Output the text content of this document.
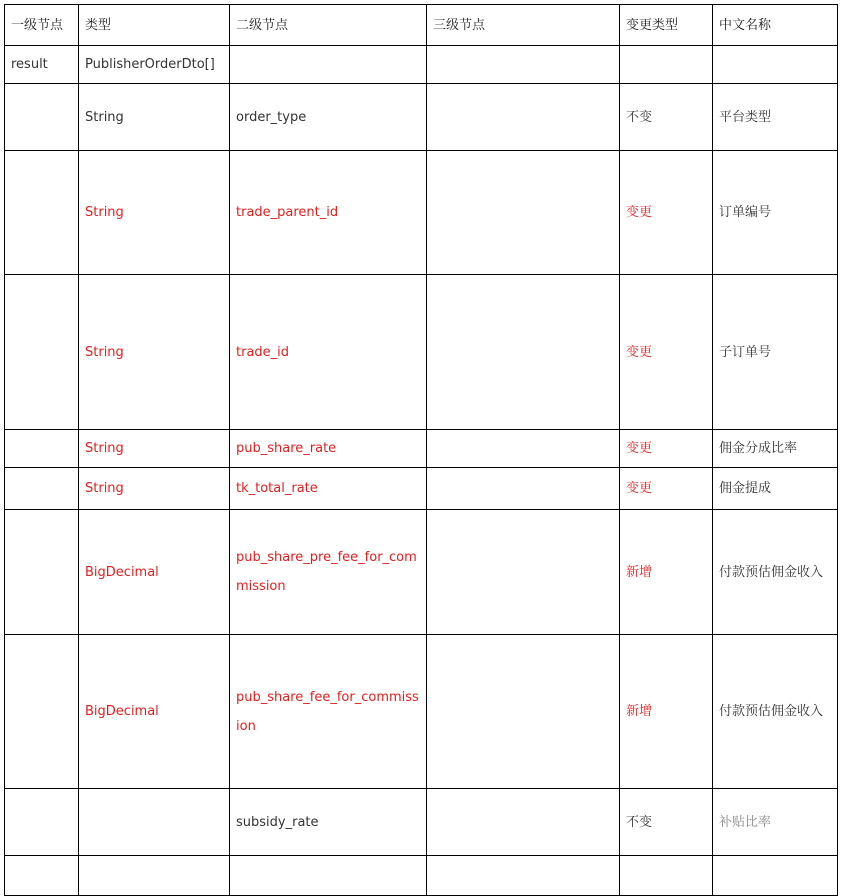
一级节点	类型	二级节点	三级节点	变更类型	中文名称
result	PublisherOrderDto[]				
	String	order_type		不变	平台类型
	String	trade_parent_id		变更	订单编号
	String	trade_id		变更	子订单号
	String	pub_share_rate		变更	佣金分成比率
	String	tk_total_rate		变更	佣金提成
	BigDecimal	pub_share_pre_fee_for_commission		新增	付款预估佣金收入
	BigDecimal	pub_share_fee_for_commission		新增	付款预估佣金收入
		subsidy_rate		不变	补贴比率
